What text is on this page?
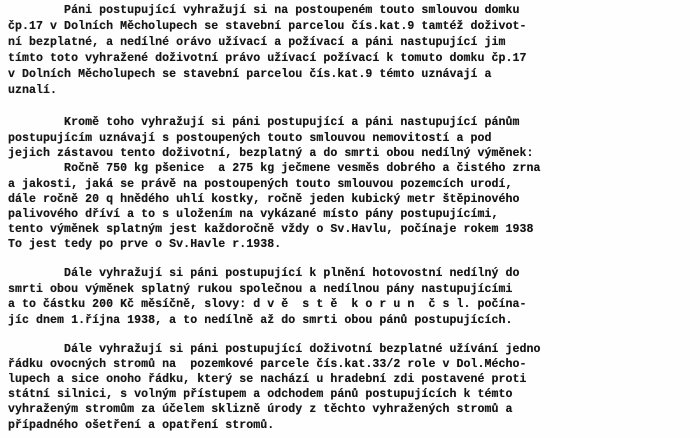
Páni postupující vyhražují si na postoupeném touto smlouvou domku
čp.17 v Dolních Měcholupech se stavební parcelou čís.kat.9 tamtéž doživot-
ní bezplatné, a nedílné orávo užívací a požívací a páni nastupující jim
tímto toto vyhražené doživotní právo užívací požívací k tomuto domku čp.17
v Dolních Měcholupech se stavební parcelou čís.kat.9 témto uznávají a
uznalí.
Kromě toho vyhražují si páni postupující a páni nastupující pánům
postupujícím uznávají s postoupených touto smlouvou nemovitostí a pod
jejich zástavou tento doživotní, bezplatný a do smrti obou nedílný výměnek:
Ročně 750 kg pšenice  a 275 kg ječmene vesměs dobrého a čistého zrna
a jakosti, jaká se právě na postoupených touto smlouvou pozemcích urodí,
dále ročně 20 q hnědého uhlí kostky, ročně jeden kubický metr štěpinového
palivového dříví a to s uložením na vykázané místo pány postupujícími,
tento výměnek splatným jest každoročně vždy o Sv.Havlu, počínaje rokem 1938
To jest tedy po prve o Sv.Havle r.1938.
Dále vyhražují si páni postupující k plnění hotovostní nedílný do
smrti obou výměnek splatný rukou společnou a nedílnou pány nastupujícími
a to částku 200 Kč měsíčně, slovy: d v ě  s t ě  k o r u n  č s l. počína-
jíc dnem 1.října 1938, a to nedílně až do smrti obou pánů postupujících.
Dále vyhražují si páni postupující doživotní bezplatné užívání jedno
řádku ovocných stromů na  pozemkové parcele čís.kat.33/2 role v Dol.Mécho-
lupech a sice onoho řádku, který se nachází u hradební zdi postavené proti
státní silnici, s volným přístupem a odchodem pánů postupujících k témto
vyhraženým stromům za účelem sklizně úrody z těchto vyhražených stromů a
případného ošetření a opatření stromů.
